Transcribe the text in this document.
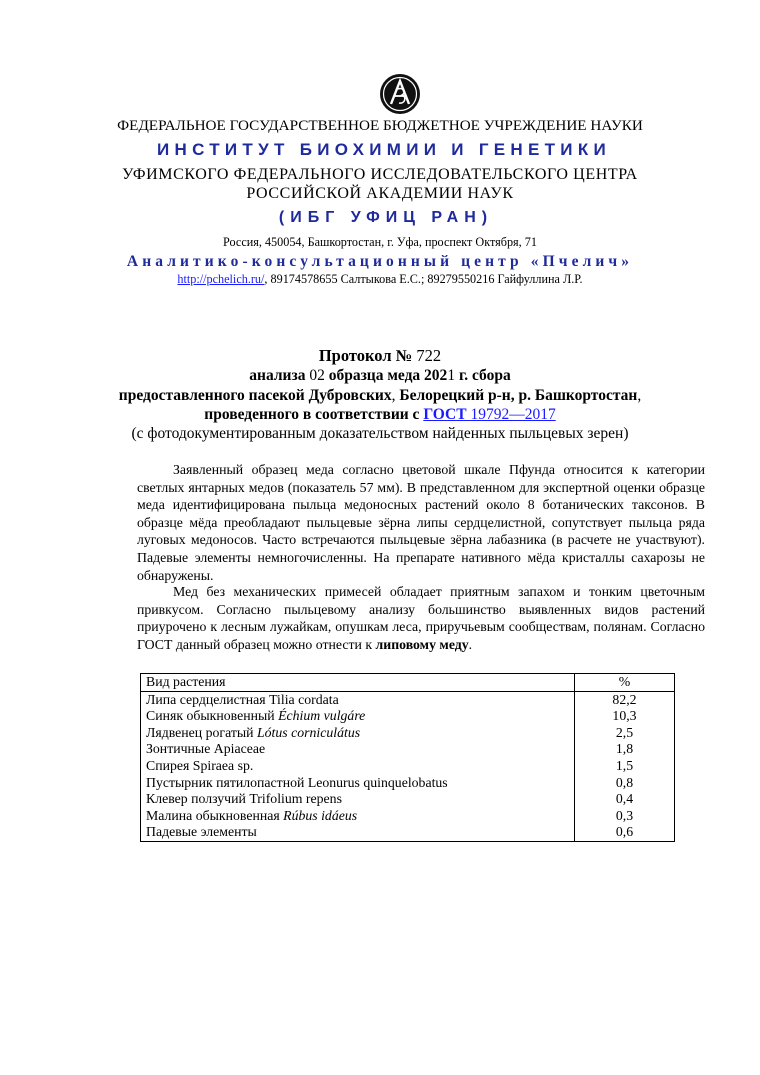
ФЕДЕРАЛЬНОЕ ГОСУДАРСТВЕННОЕ БЮДЖЕТНОЕ УЧРЕЖДЕНИЕ НАУКИ
ИНСТИТУТ БИОХИМИИ И ГЕНЕТИКИ
УФИМСКОГО ФЕДЕРАЛЬНОГО ИССЛЕДОВАТЕЛЬСКОГО ЦЕНТРА
РОССИЙСКОЙ АКАДЕМИИ НАУК
(ИБГ УФИЦ РАН)
Россия, 450054, Башкортостан, г. Уфа, проспект Октября, 71
Аналитико-консультационный центр «Пчелич»
http://pchelich.ru/, 89174578655 Салтыкова Е.С.; 89279550216 Гайфуллина Л.Р.
Протокол № 722
анализа 02 образца меда 2021 г. сбора
предоставленного пасекой Дубровских, Белорецкий р-н, р. Башкортостан,
проведенного в соответствии с ГОСТ 19792—2017
(с фотодокументированным доказательством найденных пыльцевых зерен)

Заявленный образец меда согласно цветовой шкале Пфунда относится к категории светлых янтарных медов (показатель 57 мм). В представленном для экспертной оценки образце меда идентифицирована пыльца медоносных растений около 8 ботанических таксонов. В образце мёда преобладают пыльцевые зёрна липы сердцелистной, сопутствует пыльца ряда луговых медоносов. Часто встречаются пыльцевые зёрна лабазника (в расчете не участвуют). Падевые элементы немногочисленны. На препарате нативного мёда кристаллы сахарозы не обнаружены.

Мед без механических примесей обладает приятным запахом и тонким цветочным привкусом. Согласно пыльцевому анализу большинство выявленных видов растений приурочено к лесным лужайкам, опушкам леса, приручьевым сообществам, полянам. Согласно ГОСТ данный образец можно отнести к липовому меду.

Вид растения	%
Липа сердцелистная Tilia cordata	82,2
Синяк обыкновенный Échium vulgáre	10,3
Лядвенец рогатый Lótus corniculátus	2,5
Зонтичные Apiaceae	1,8
Спирея Spiraea sp.	1,5
Пустырник пятилопастной Leonurus quinquelobatus	0,8
Клевер ползучий Trifolium repens	0,4
Малина обыкновенная Rúbus idáeus	0,3
Падевые элементы	0,6
